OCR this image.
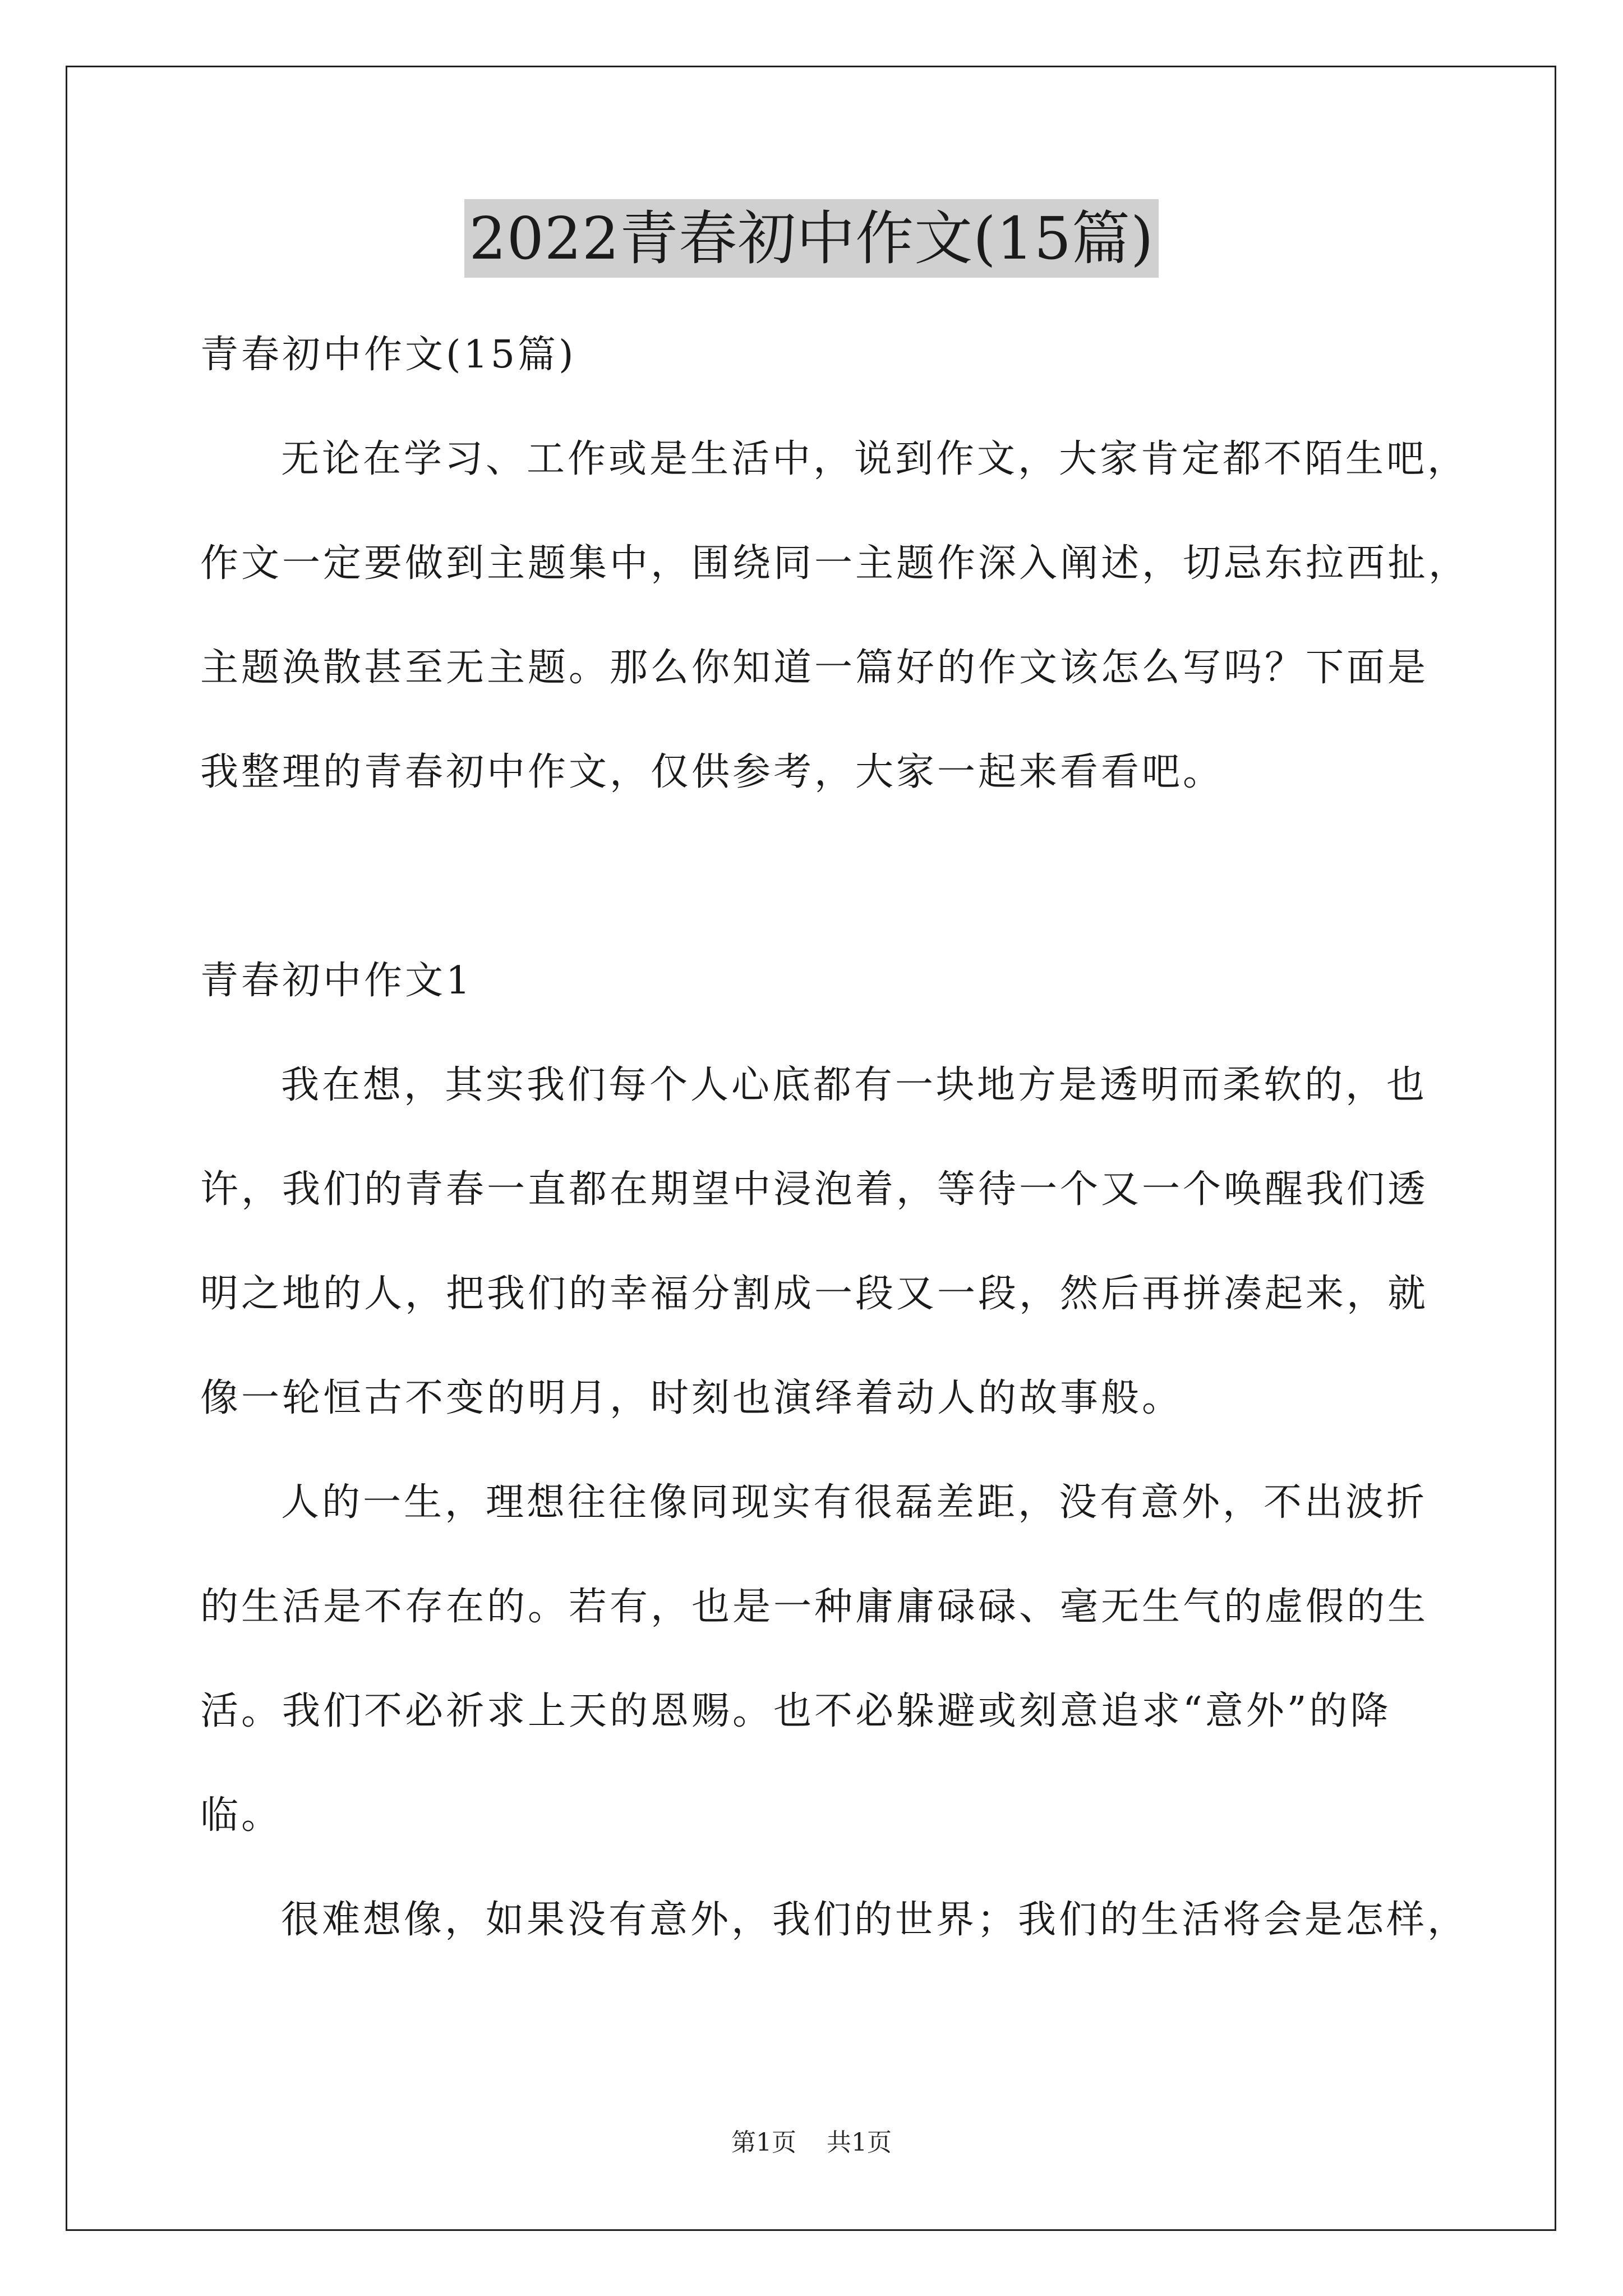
2022青春初中作文(15篇)

青春初中作文(15篇)

无论在学习、工作或是生活中，说到作文，大家肯定都不陌生吧，

作文一定要做到主题集中，围绕同一主题作深入阐述，切忌东拉西扯，

主题涣散甚至无主题。那么你知道一篇好的作文该怎么写吗？下面是

我整理的青春初中作文，仅供参考，大家一起来看看吧。

青春初中作文1

我在想，其实我们每个人心底都有一块地方是透明而柔软的，也

许，我们的青春一直都在期望中浸泡着，等待一个又一个唤醒我们透

明之地的人，把我们的幸福分割成一段又一段，然后再拼凑起来，就

像一轮恒古不变的明月，时刻也演绎着动人的故事般。

人的一生，理想往往像同现实有很磊差距，没有意外，不出波折

的生活是不存在的。若有，也是一种庸庸碌碌、毫无生气的虚假的生

活。我们不必祈求上天的恩赐。也不必躲避或刻意追求“意外”的降

临。

很难想像，如果没有意外，我们的世界；我们的生活将会是怎样，

第1页 共1页
